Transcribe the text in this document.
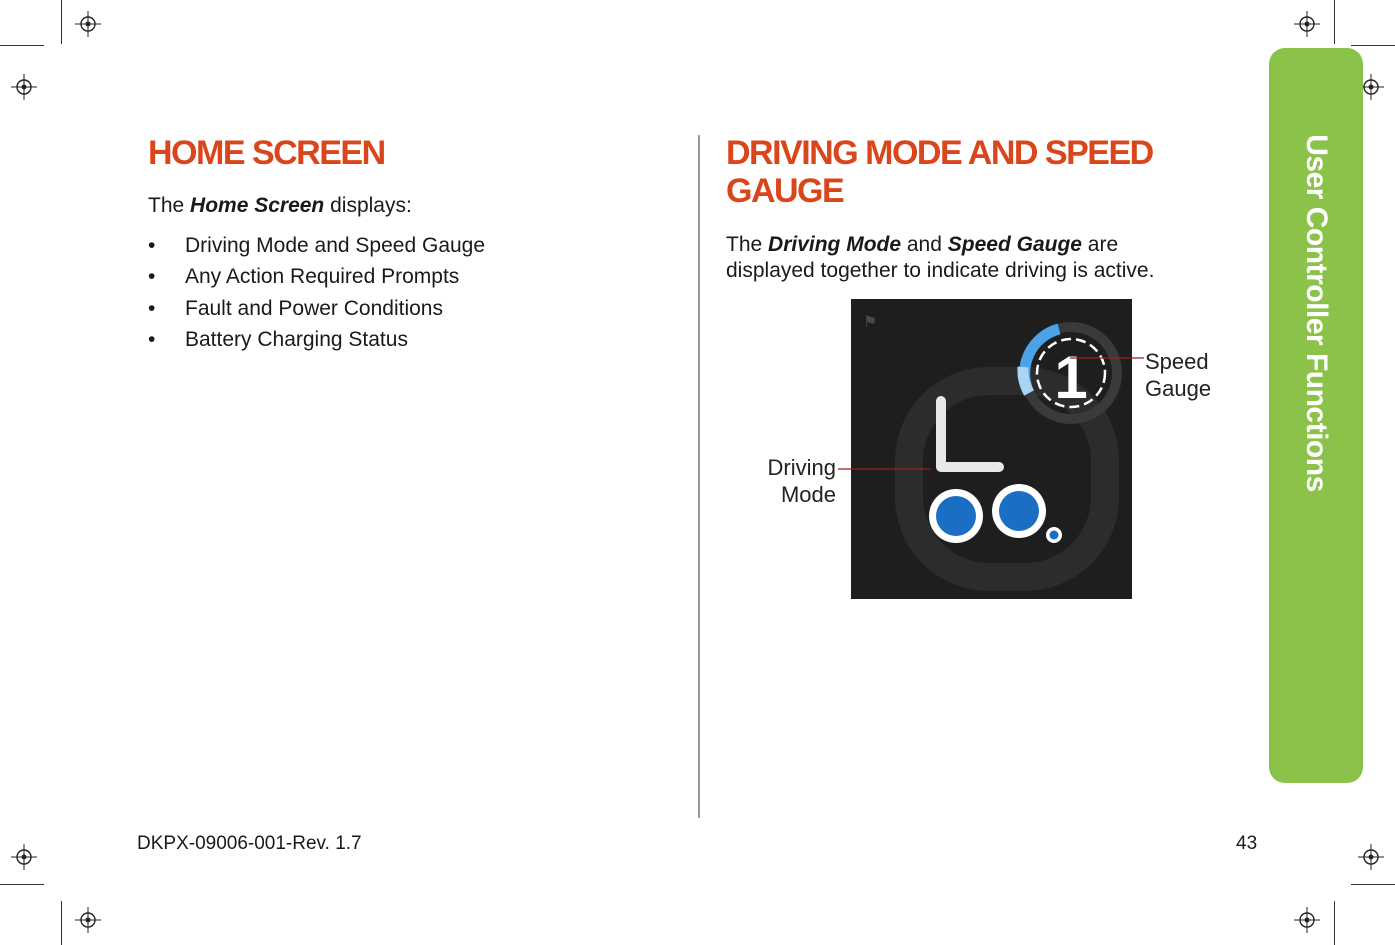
HOME SCREEN

The Home Screen displays:

• Driving Mode and Speed Gauge
• Any Action Required Prompts
• Fault and Power Conditions
• Battery Charging Status
DRIVING MODE AND SPEED
GAUGE

The Driving Mode and Speed Gauge are
displayed together to indicate driving is active.

⚑
1	Speed
Gauge
Driving
Mode
User Controller Functions
DKPX-09006-001-Rev. 1.7	43
